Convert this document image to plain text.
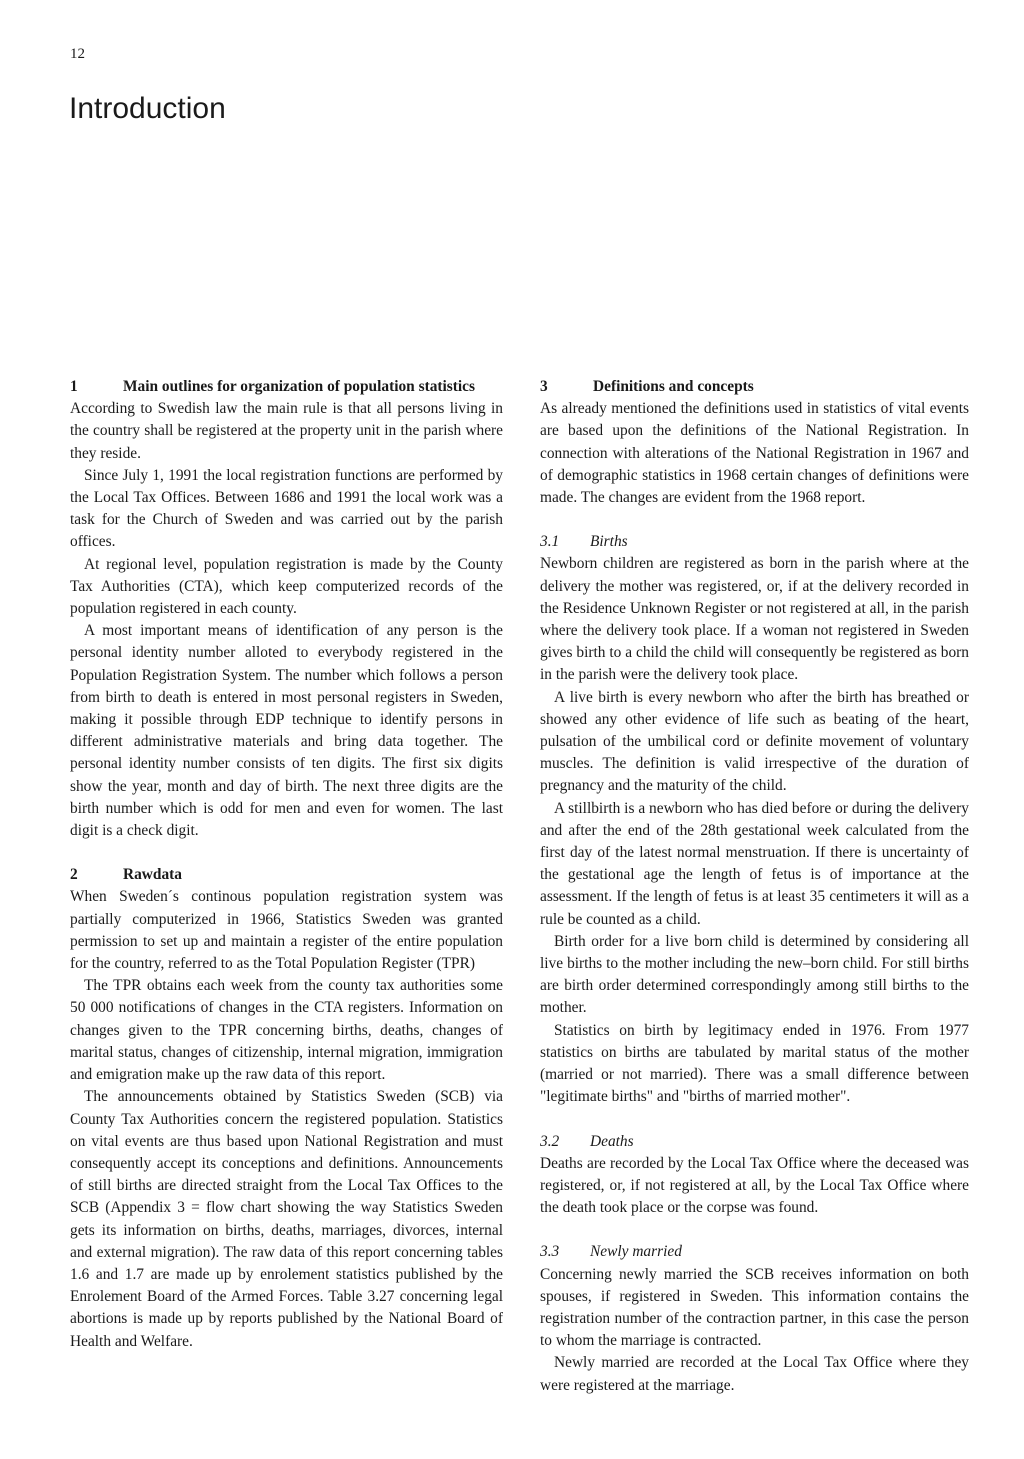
12
Introduction
1	Main outlines for organization of population statistics

According to Swedish law the main rule is that all persons living in the country shall be registered at the property unit in the parish where they reside.

Since July 1, 1991 the local registration functions are performed by the Local Tax Offices. Between 1686 and 1991 the local work was a task for the Church of Sweden and was carried out by the parish offices.

At regional level, population registration is made by the County Tax Authorities (CTA), which keep computerized records of the population registered in each county.

A most important means of identification of any person is the personal identity number alloted to everybody registered in the Population Registration System. The number which follows a person from birth to death is entered in most personal registers in Sweden, making it possible through EDP technique to identify persons in different administrative materials and bring data together. The personal identity number consists of ten digits. The first six digits show the year, month and day of birth. The next three digits are the birth number which is odd for men and even for women. The last digit is a check digit.

2	Rawdata

When Sweden´s continous population registration system was partially computerized in 1966, Statistics Sweden was granted permission to set up and maintain a register of the entire population for the country, referred to as the Total Population Register (TPR)

The TPR obtains each week from the county tax authorities some 50 000 notifications of changes in the CTA registers. Information on changes given to the TPR concerning births, deaths, changes of marital status, changes of citizenship, internal migration, immigration and emigration make up the raw data of this report.

The announcements obtained by Statistics Sweden (SCB) via County Tax Authorities concern the registered population. Statistics on vital events are thus based upon National Registration and must consequently accept its conceptions and definitions. Announcements of still births are directed straight from the Local Tax Offices to the SCB (Appendix 3 = flow chart showing the way Statistics Sweden gets its information on births, deaths, marriages, divorces, internal and external migration). The raw data of this report concerning tables 1.6 and 1.7 are made up by enrolement statistics published by the Enrolement Board of the Armed Forces. Table 3.27 concerning legal abortions is made up by reports published by the National Board of Health and Welfare.

3	Definitions and concepts

As already mentioned the definitions used in statistics of vital events are based upon the definitions of the National Registration. In connection with alterations of the National Registration in 1967 and of demographic statistics in 1968 certain changes of definitions were made. The changes are evident from the 1968 report.

3.1	Births

Newborn children are registered as born in the parish where at the delivery the mother was registered, or, if at the delivery recorded in the Residence Unknown Register or not registered at all, in the parish where the delivery took place. If a woman not registered in Sweden gives birth to a child the child will consequently be registered as born in the parish were the delivery took place.

A live birth is every newborn who after the birth has breathed or showed any other evidence of life such as beating of the heart, pulsation of the umbilical cord or definite movement of voluntary muscles. The definition is valid irrespective of the duration of pregnancy and the maturity of the child.

A stillbirth is a newborn who has died before or during the delivery and after the end of the 28th gestational week calculated from the first day of the latest normal menstruation. If there is uncertainty of the gestational age the length of fetus is of importance at the assessment. If the length of fetus is at least 35 centimeters it will as a rule be counted as a child.

Birth order for a live born child is determined by considering all live births to the mother including the new–born child. For still births are birth order determined correspondingly among still births to the mother.

Statistics on birth by legitimacy ended in 1976. From 1977 statistics on births are tabulated by marital status of the mother (married or not married). There was a small difference between "legitimate births" and "births of married mother".

3.2	Deaths

Deaths are recorded by the Local Tax Office where the deceased was registered, or, if not registered at all, by the Local Tax Office where the death took place or the corpse was found.

3.3	Newly married

Concerning newly married the SCB receives information on both spouses, if registered in Sweden. This information contains the registration number of the contraction partner, in this case the person to whom the marriage is contracted.

Newly married are recorded at the Local Tax Office where they were registered at the marriage.
